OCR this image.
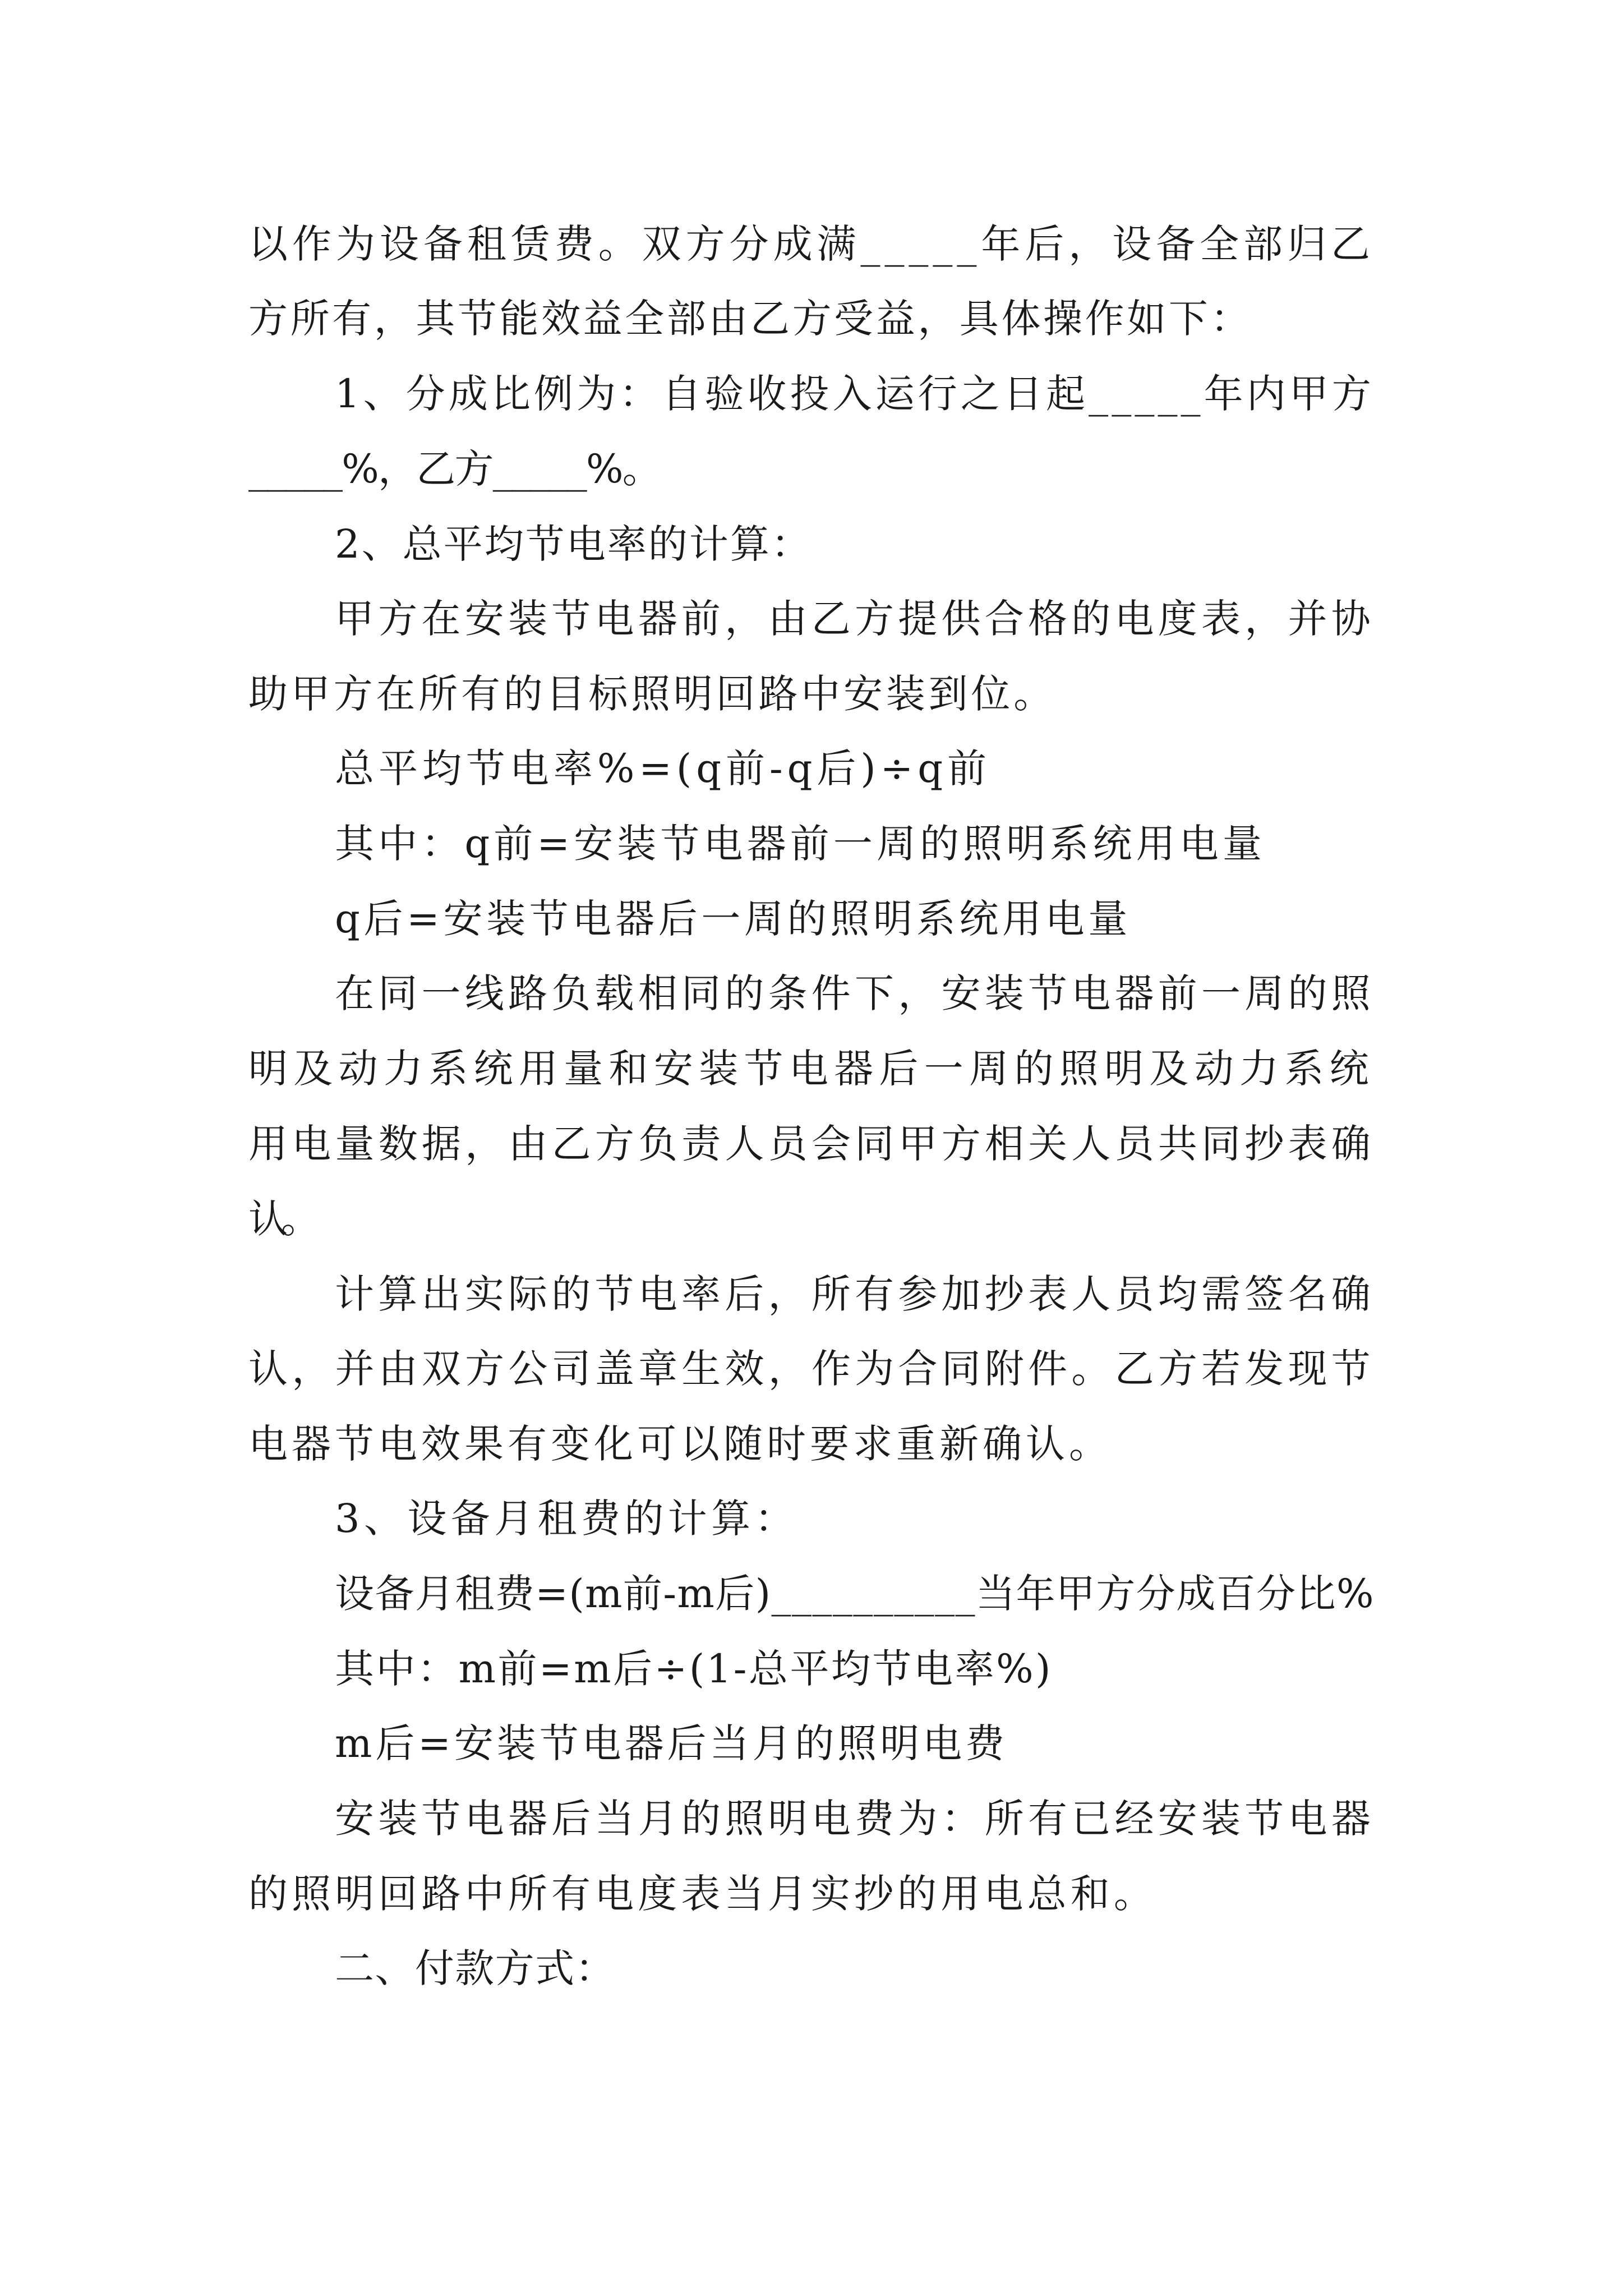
以作为设备租赁费。双方分成满_____年后，设备全部归乙

方所有，其节能效益全部由乙方受益，具体操作如下：

1、分成比例为：自验收投入运行之日起_____年内甲方

_____%，乙方_____%。

2、总平均节电率的计算：

甲方在安装节电器前，由乙方提供合格的电度表，并协

助甲方在所有的目标照明回路中安装到位。

总平均节电率%=(q前-q后)÷q前

其中：q前=安装节电器前一周的照明系统用电量

q后=安装节电器后一周的照明系统用电量

在同一线路负载相同的条件下，安装节电器前一周的照

明及动力系统用量和安装节电器后一周的照明及动力系统

用电量数据，由乙方负责人员会同甲方相关人员共同抄表确

认。

计算出实际的节电率后，所有参加抄表人员均需签名确

认，并由双方公司盖章生效，作为合同附件。乙方若发现节

电器节电效果有变化可以随时要求重新确认。

3、设备月租费的计算：

设备月租费=(m前-m后)__________当年甲方分成百分比%

其中：m前=m后÷(1-总平均节电率%)

m后=安装节电器后当月的照明电费

安装节电器后当月的照明电费为：所有已经安装节电器

的照明回路中所有电度表当月实抄的用电总和。

二、付款方式：
